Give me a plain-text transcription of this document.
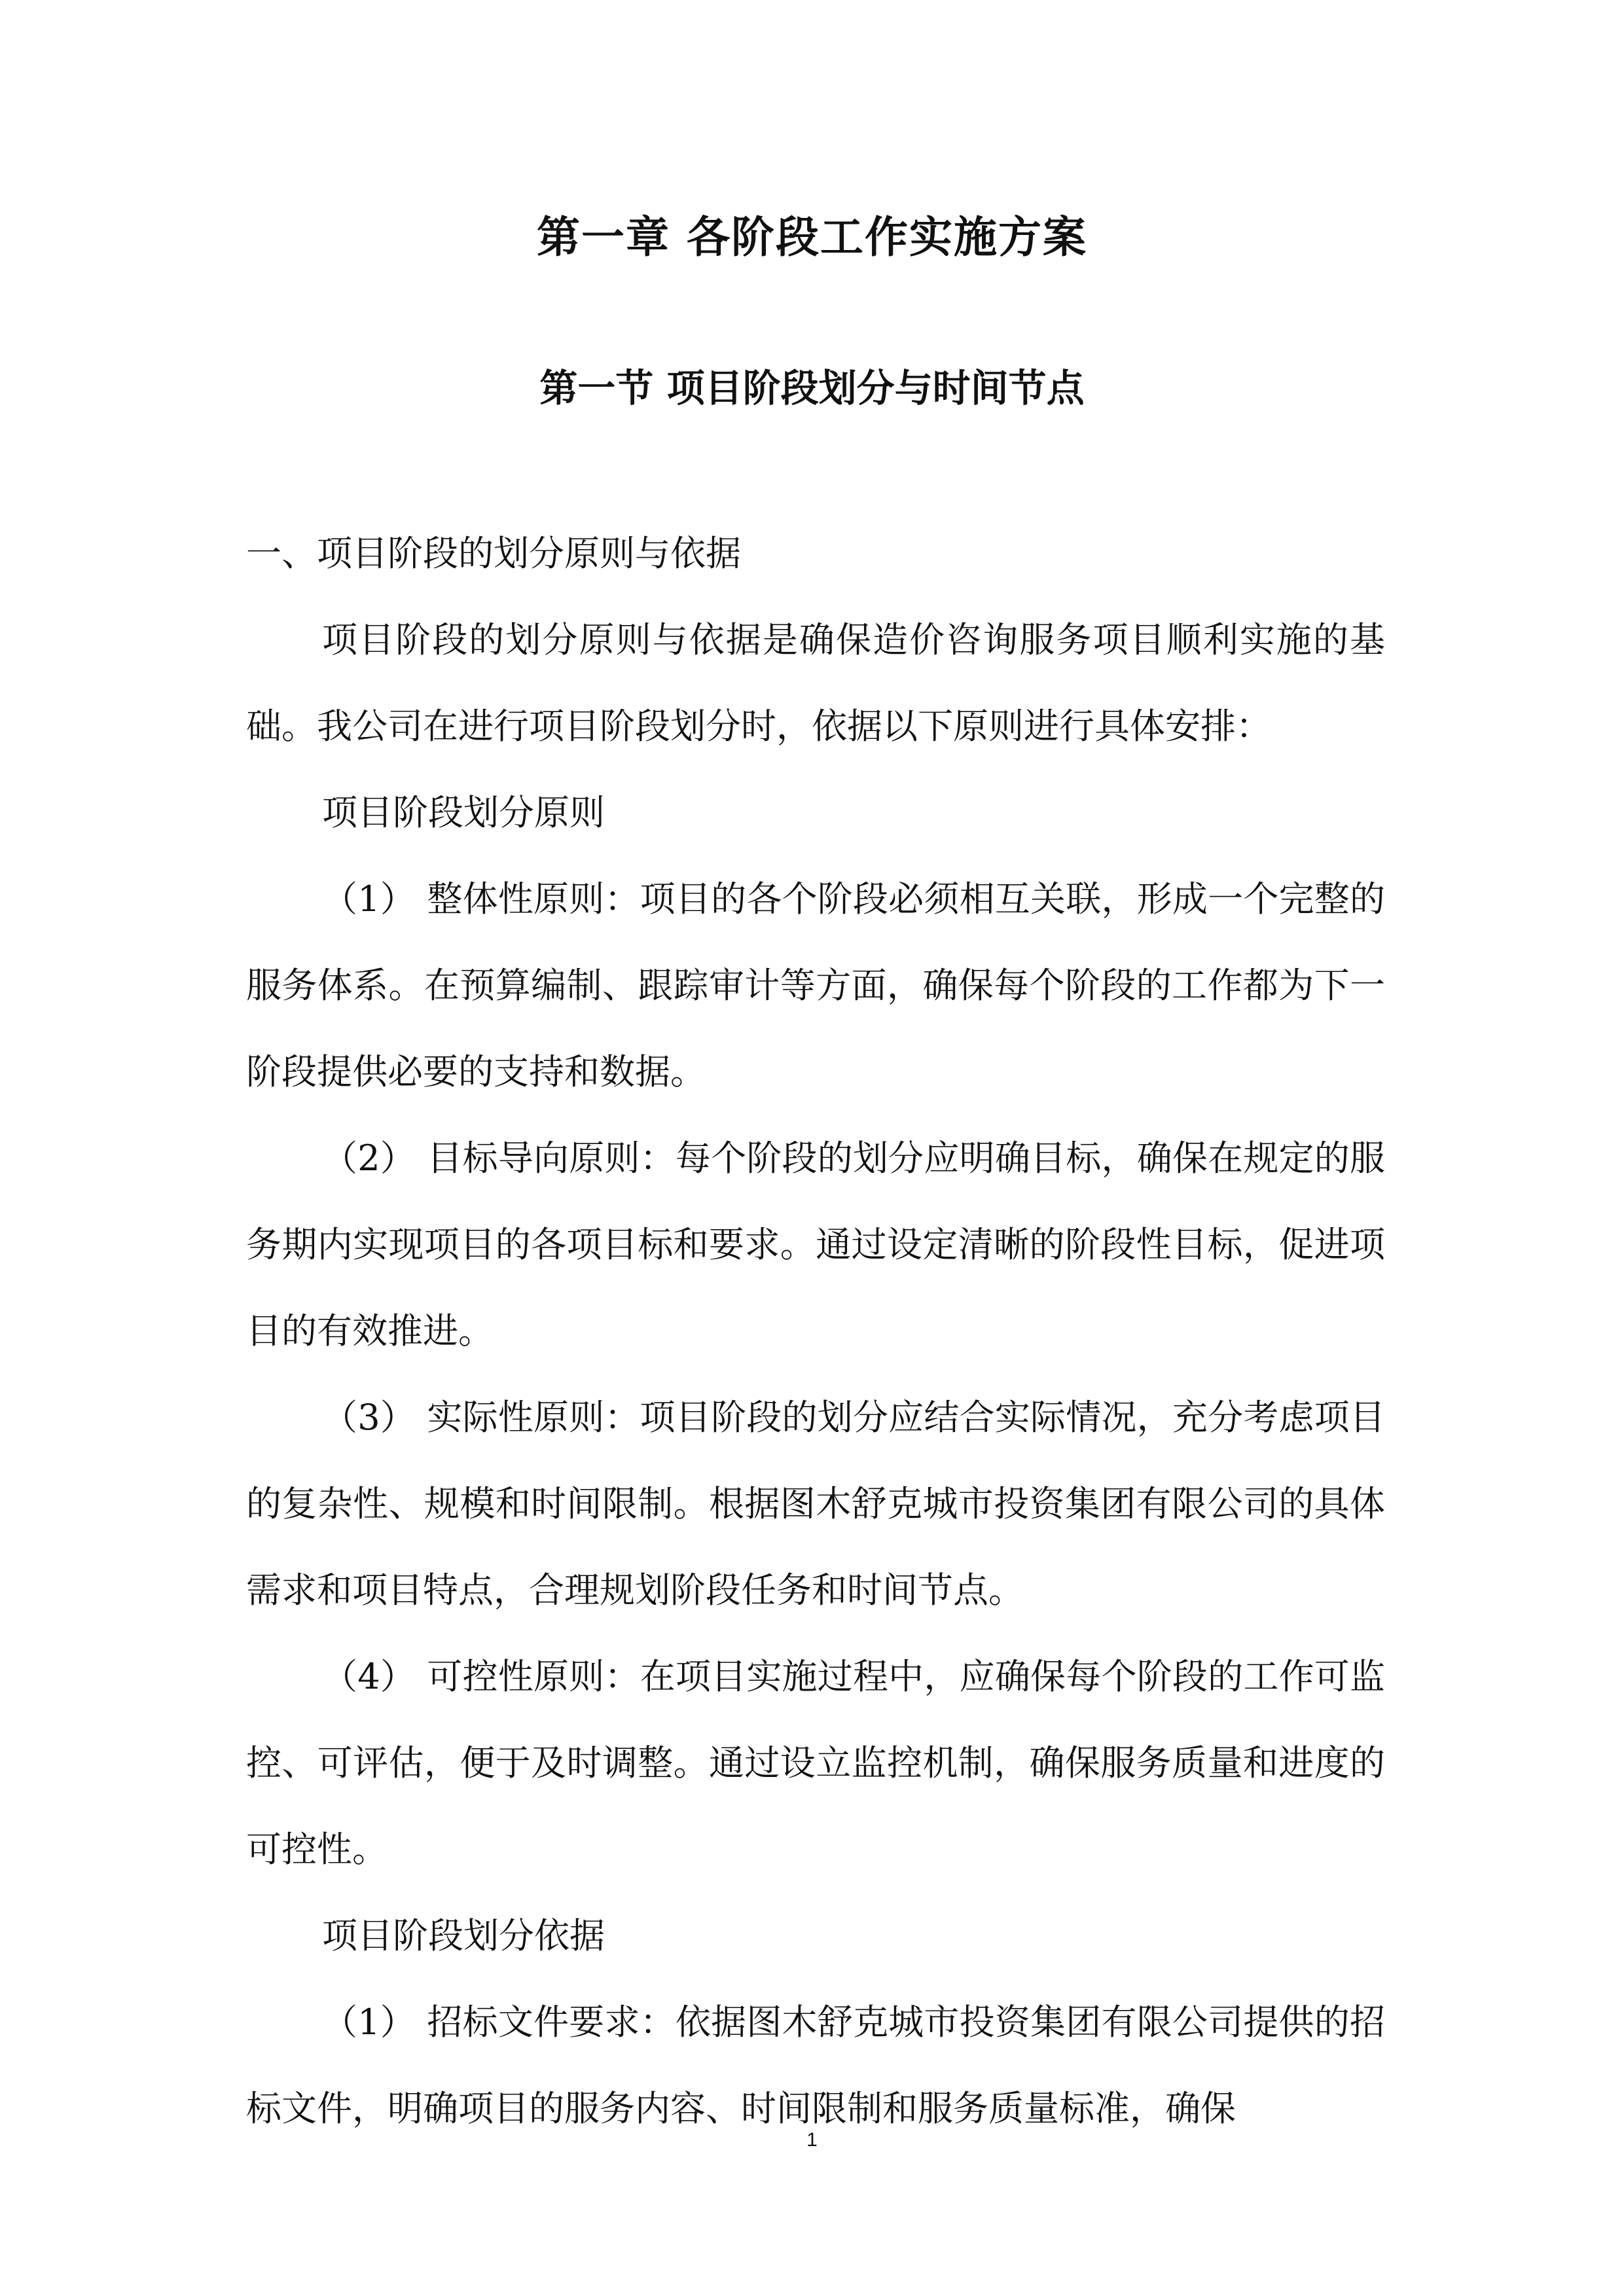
第一章 各阶段工作实施方案
第一节 项目阶段划分与时间节点

一、项目阶段的划分原则与依据

项目阶段的划分原则与依据是确保造价咨询服务项目顺利实施的基础。我公司在进行项目阶段划分时，依据以下原则进行具体安排：

项目阶段划分原则

（1） 整体性原则：项目的各个阶段必须相互关联，形成一个完整的服务体系。在预算编制、跟踪审计等方面，确保每个阶段的工作都为下一阶段提供必要的支持和数据。

（2） 目标导向原则：每个阶段的划分应明确目标，确保在规定的服务期内实现项目的各项目标和要求。通过设定清晰的阶段性目标，促进项目的有效推进。

（3） 实际性原则：项目阶段的划分应结合实际情况，充分考虑项目的复杂性、规模和时间限制。根据图木舒克城市投资集团有限公司的具体需求和项目特点，合理规划阶段任务和时间节点。

（4） 可控性原则：在项目实施过程中，应确保每个阶段的工作可监控、可评估，便于及时调整。通过设立监控机制，确保服务质量和进度的可控性。

项目阶段划分依据

（1） 招标文件要求：依据图木舒克城市投资集团有限公司提供的招标文件，明确项目的服务内容、时间限制和服务质量标准，确保

1
